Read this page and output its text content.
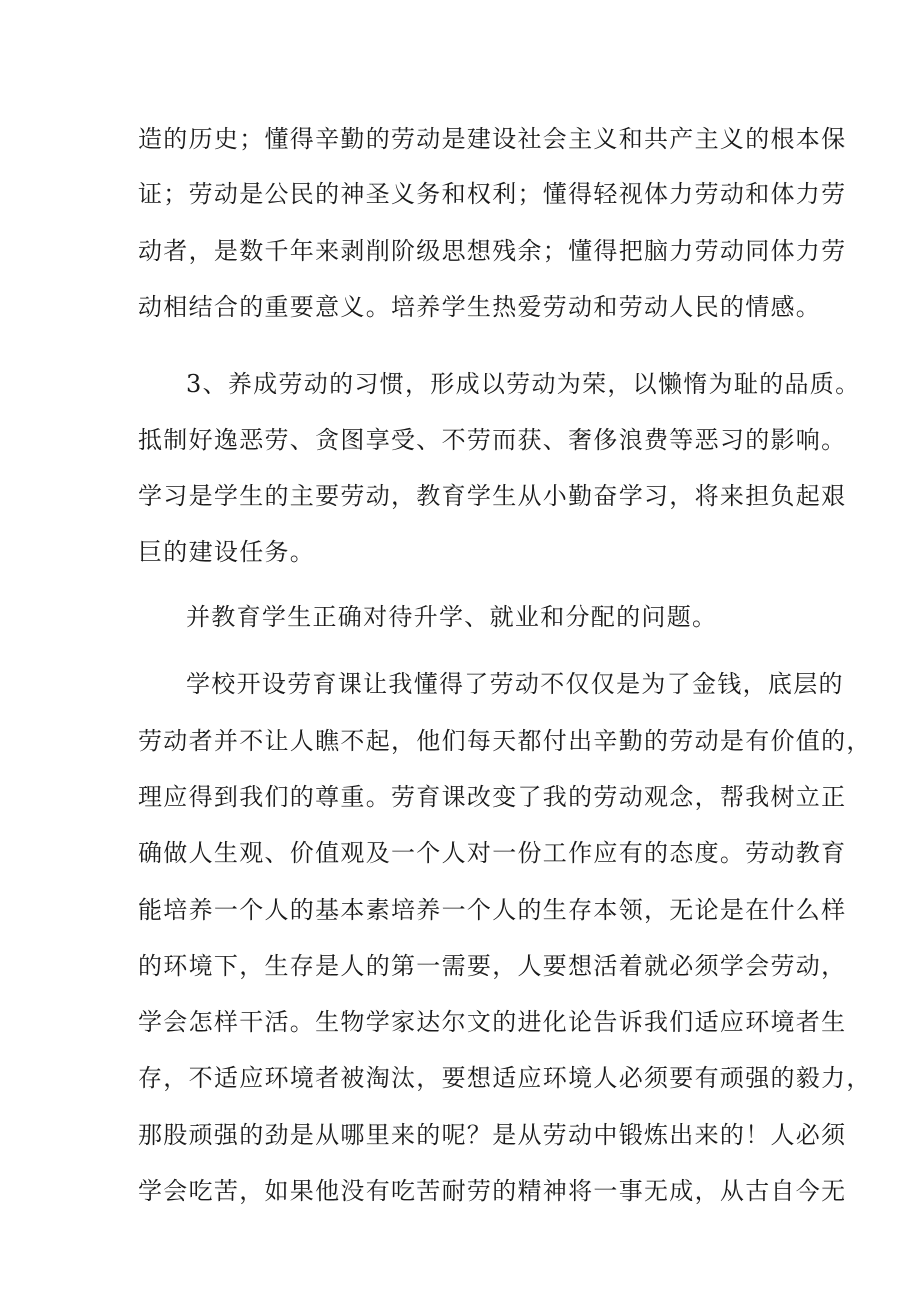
造的历史；懂得辛勤的劳动是建设社会主义和共产主义的根本保
证；劳动是公民的神圣义务和权利；懂得轻视体力劳动和体力劳
动者，是数千年来剥削阶级思想残余；懂得把脑力劳动同体力劳
动相结合的重要意义。培养学生热爱劳动和劳动人民的情感。
3、养成劳动的习惯，形成以劳动为荣，以懒惰为耻的品质。
抵制好逸恶劳、贪图享受、不劳而获、奢侈浪费等恶习的影响。
学习是学生的主要劳动，教育学生从小勤奋学习，将来担负起艰
巨的建设任务。
并教育学生正确对待升学、就业和分配的问题。
学校开设劳育课让我懂得了劳动不仅仅是为了金钱，底层的
劳动者并不让人瞧不起，他们每天都付出辛勤的劳动是有价值的，
理应得到我们的尊重。劳育课改变了我的劳动观念，帮我树立正
确做人生观、价值观及一个人对一份工作应有的态度。劳动教育
能培养一个人的基本素培养一个人的生存本领，无论是在什么样
的环境下，生存是人的第一需要，人要想活着就必须学会劳动，
学会怎样干活。生物学家达尔文的进化论告诉我们适应环境者生
存，不适应环境者被淘汰，要想适应环境人必须要有顽强的毅力，
那股顽强的劲是从哪里来的呢？是从劳动中锻炼出来的！人必须
学会吃苦，如果他没有吃苦耐劳的精神将一事无成，从古自今无
